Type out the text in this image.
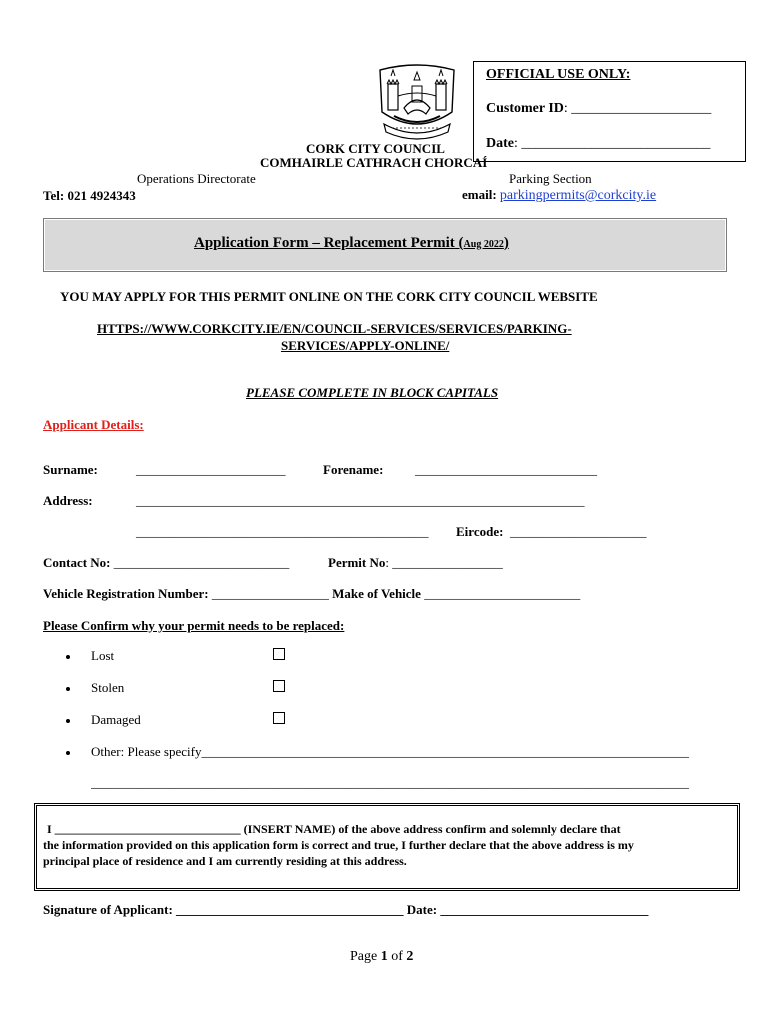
OFFICIAL USE ONLY:
Customer ID: ____________________
Date: ___________________________
CORK CITY COUNCIL
COMHAIRLE CATHRACH CHORCAÍ
Operations Directorate	Parking Section
Tel: 021 4924343	email: parkingpermits@corkcity.ie
Application Form – Replacement Permit (Aug 2022)
YOU MAY APPLY FOR THIS PERMIT ONLINE ON THE CORK CITY COUNCIL WEBSITE
HTTPS://WWW.CORKCITY.IE/EN/COUNCIL-SERVICES/SERVICES/PARKING-
SERVICES/APPLY-ONLINE/
PLEASE COMPLETE IN BLOCK CAPITALS
Applicant Details:
Surname:	_______________________	Forename: ____________________________
Address:	_____________________________________________________________________
_____________________________________________ Eircode: _____________________
Contact No: ___________________________	Permit No: _________________
Vehicle Registration Number: __________________ Make of Vehicle ________________________
Please Confirm why your permit needs to be replaced:
Lost
Stolen
Damaged
Other: Please specify___________________________________________________________________________
____________________________________________________________________________________________
I _______________________________ (INSERT NAME) of the above address confirm and solemnly declare that
the information provided on this application form is correct and true, I further declare that the above address is my
principal place of residence and I am currently residing at this address.
Signature of Applicant: ___________________________________ Date: ________________________________
Page 1 of 2
